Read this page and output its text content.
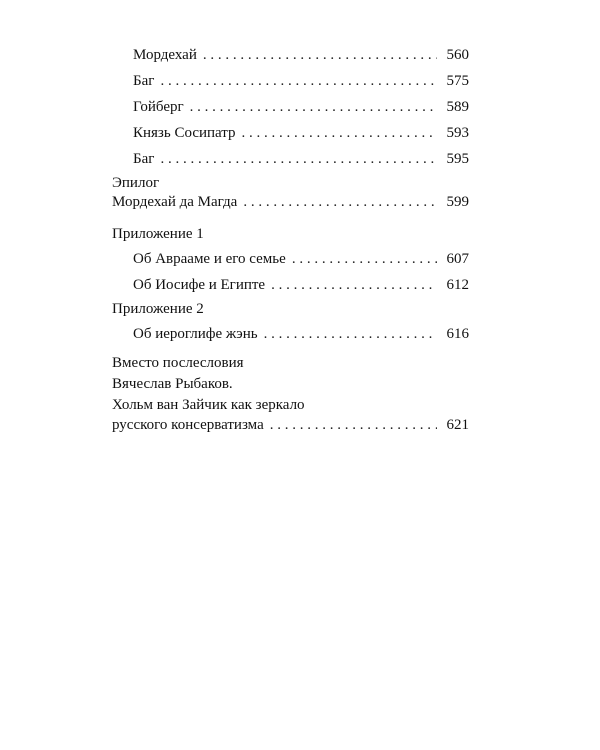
Мордехай . . .	560
Баг . . .	575
Гойберг . . .	589
Князь Сосипатр . . .	593
Баг . . .	595
Эпилог
Мордехай да Магда . . .	599
Приложение 1
Об Аврааме и его семье . . .	607
Об Иосифе и Египте . . .	612
Приложение 2
Об иероглифе жэнь . . .	616
Вместо послесловия
Вячеслав Рыбаков.
Хольм ван Зайчик как зеркало
русского консерватизма . . .	621
